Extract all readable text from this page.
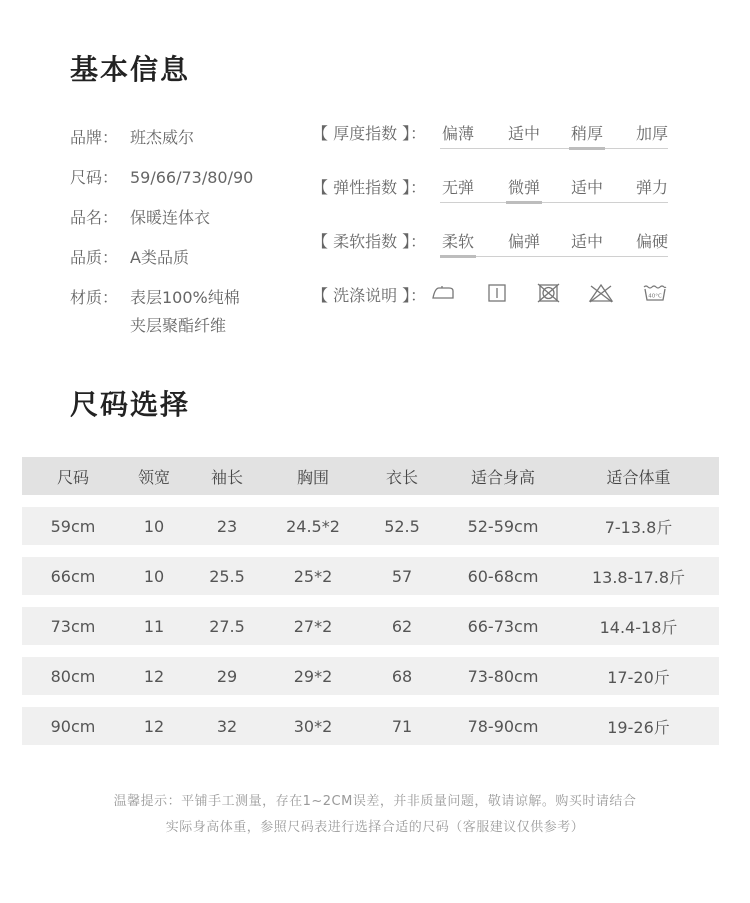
基本信息
品牌： 班杰威尔
尺码： 59/66/73/80/90
品名： 保暖连体衣
品质： A类品质
材质： 表层100%纯棉
夹层聚酯纤维
【 厚度指数 】： 偏薄 适中 稍厚 加厚
【 弹性指数 】： 无弹 微弹 适中 弹力
【 柔软指数 】： 柔软 偏弹 适中 偏硬
【 洗涤说明 】：	40°C
尺码选择
尺码	领宽	袖长	胸围	衣长	适合身高	适合体重
59cm	10	23	24.5*2	52.5	52-59cm	7-13.8斤
66cm	10	25.5	25*2	57	60-68cm	13.8-17.8斤
73cm	11	27.5	27*2	62	66-73cm	14.4-18斤
80cm	12	29	29*2	68	73-80cm	17-20斤
90cm	12	32	30*2	71	78-90cm	19-26斤
温馨提示：平铺手工测量，存在1~2CM误差，并非质量问题，敬请谅解。购买时请结合
实际身高体重，参照尺码表进行选择合适的尺码（客服建议仅供参考）
